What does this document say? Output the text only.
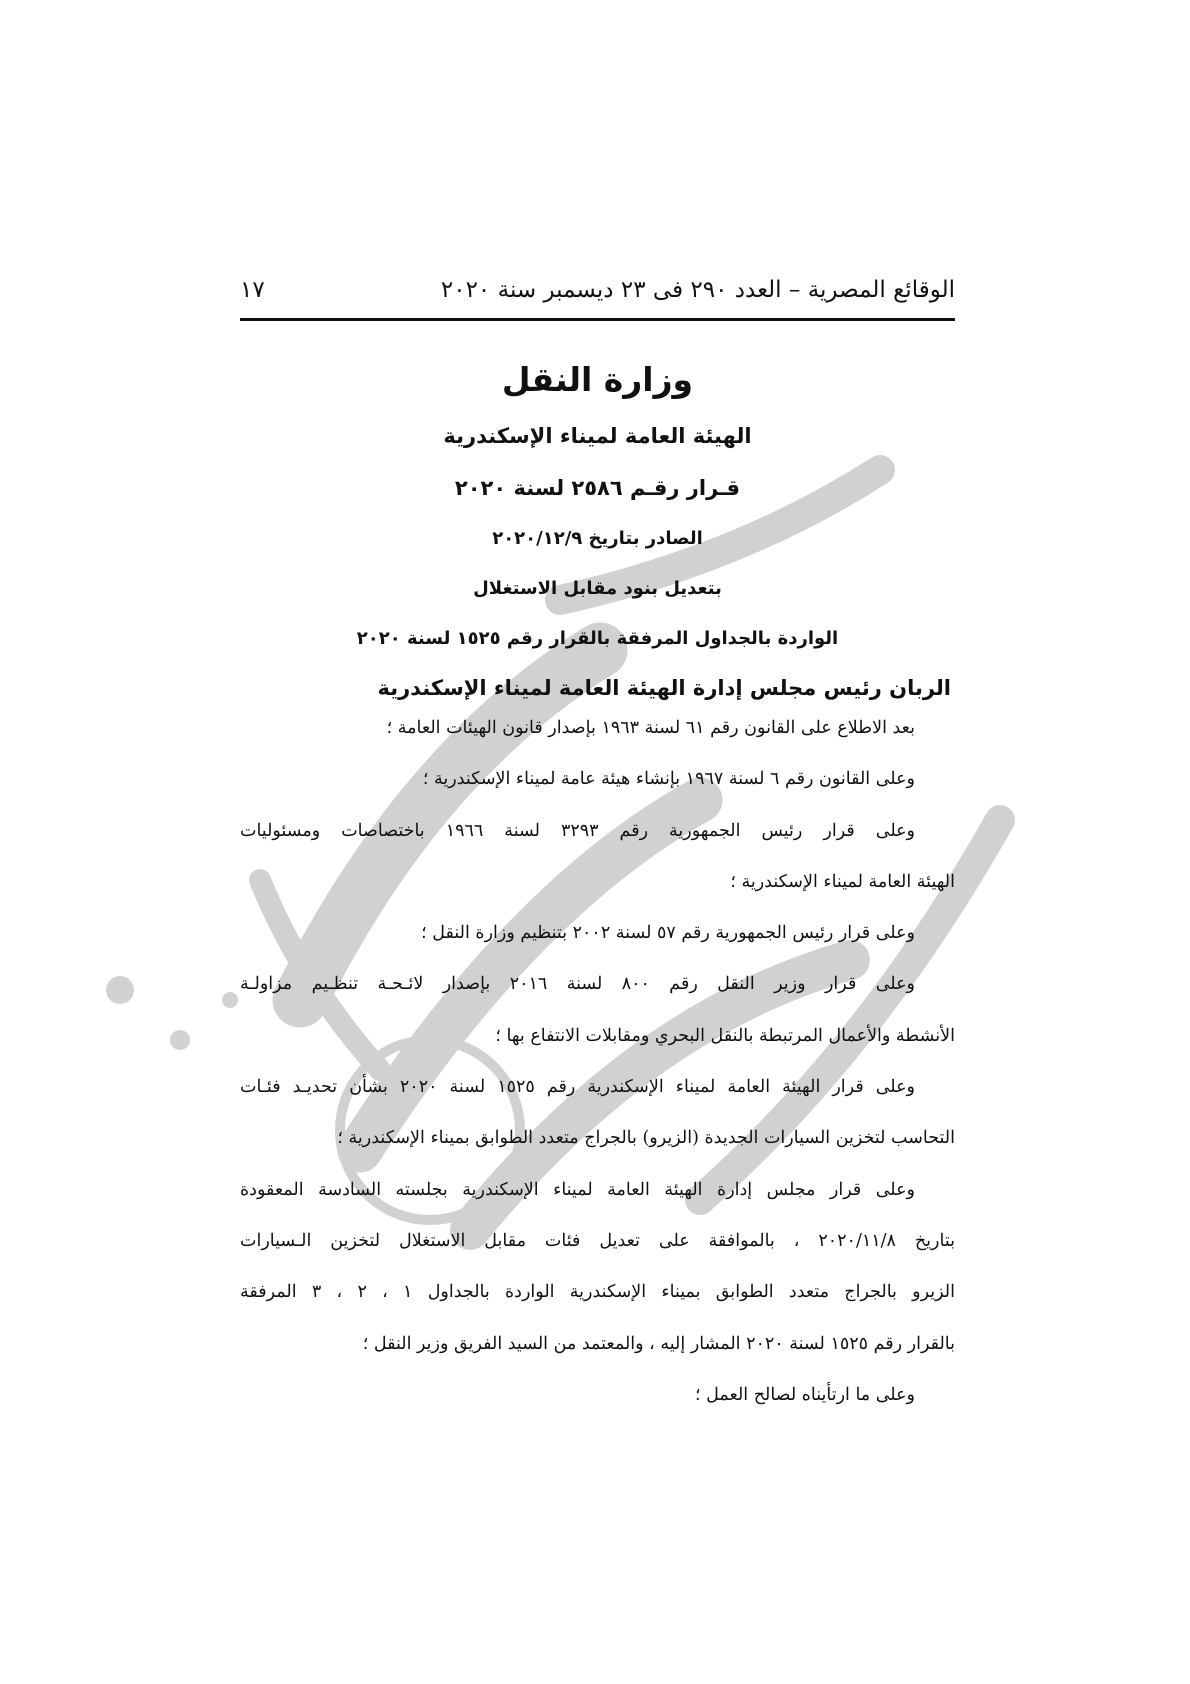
الوقائع المصرية – العدد ٢٩٠ فى ٢٣ ديسمبر سنة ٢٠٢٠
١٧
وزارة النقل
الهيئة العامة لميناء الإسكندرية
قـرار رقـم ٢٥٨٦ لسنة ٢٠٢٠
الصادر بتاريخ ٢٠٢٠/١٢/٩
بتعديل بنود مقابل الاستغلال
الواردة بالجداول المرفقة بالقرار رقم ١٥٢٥ لسنة ٢٠٢٠
الربان رئيس مجلس إدارة الهيئة العامة لميناء الإسكندرية
بعد الاطلاع على القانون رقم ٦١ لسنة ١٩٦٣ بإصدار قانون الهيئات العامة ؛
وعلى القانون رقم ٦ لسنة ١٩٦٧ بإنشاء هيئة عامة لميناء الإسكندرية ؛
وعلى قرار رئيس الجمهورية رقم ٣٢٩٣ لسنة ١٩٦٦ باختصاصات ومسئوليات
الهيئة العامة لميناء الإسكندرية ؛
وعلى قرار رئيس الجمهورية رقم ٥٧ لسنة ٢٠٠٢ بتنظيم وزارة النقل ؛
وعلى قرار وزير النقل رقم ٨٠٠ لسنة ٢٠١٦ بإصدار لائـحـة تنظـيم مزاولـة
الأنشطة والأعمال المرتبطة بالنقل البحري ومقابلات الانتفاع بها ؛
وعلى قرار الهيئة العامة لميناء الإسكندرية رقم ١٥٢٥ لسنة ٢٠٢٠ بشأن تحديـد فئـات
التحاسب لتخزين السيارات الجديدة (الزيرو) بالجراج متعدد الطوابق بميناء الإسكندرية ؛
وعلى قرار مجلس إدارة الهيئة العامة لميناء الإسكندرية بجلسته السادسة المعقودة
بتاريخ ٢٠٢٠/١١/٨ ، بالموافقة على تعديل فئات مقابل الاستغلال لتخزين الـسيارات
الزيرو بالجراج متعدد الطوابق بميناء الإسكندرية الواردة بالجداول ١ ، ٢ ، ٣ المرفقة
بالقرار رقم ١٥٢٥ لسنة ٢٠٢٠ المشار إليه ، والمعتمد من السيد الفريق وزير النقل ؛
وعلى ما ارتأيناه لصالح العمل ؛
